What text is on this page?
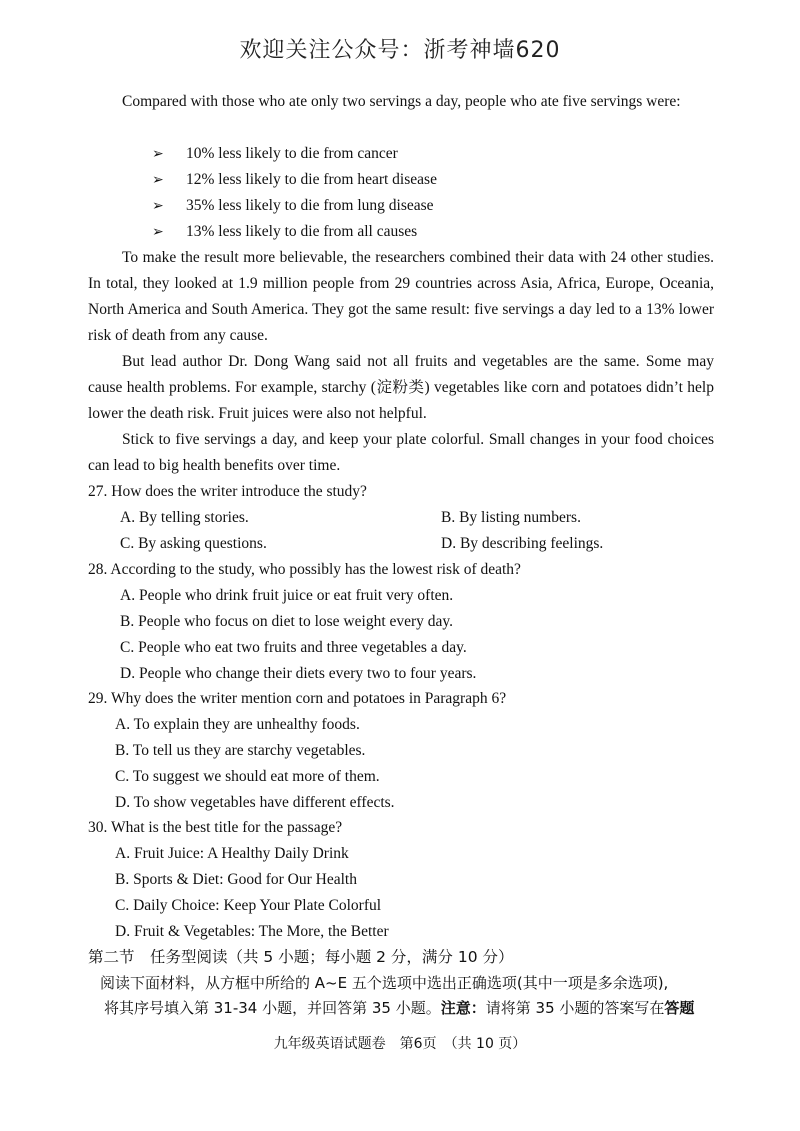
欢迎关注公众号：浙考神墙620
Compared with those who ate only two servings a day, people who ate five servings were:
➢ 10% less likely to die from cancer
➢ 12% less likely to die from heart disease
➢ 35% less likely to die from lung disease
➢ 13% less likely to die from all causes
To make the result more believable, the researchers combined their data with 24 other studies. In total, they looked at 1.9 million people from 29 countries across Asia, Africa, Europe, Oceania, North America and South America. They got the same result: five servings a day led to a 13% lower risk of death from any cause.
But lead author Dr. Dong Wang said not all fruits and vegetables are the same. Some may cause health problems. For example, starchy (淀粉类) vegetables like corn and potatoes didn’t help lower the death risk. Fruit juices were also not helpful.
Stick to five servings a day, and keep your plate colorful. Small changes in your food choices can lead to big health benefits over time.
27. How does the writer introduce the study?
A. By telling stories.	B. By listing numbers.
C. By asking questions.	D. By describing feelings.
28. According to the study, who possibly has the lowest risk of death?
A. People who drink fruit juice or eat fruit very often.
B. People who focus on diet to lose weight every day.
C. People who eat two fruits and three vegetables a day.
D. People who change their diets every two to four years.
29. Why does the writer mention corn and potatoes in Paragraph 6?
A. To explain they are unhealthy foods.
B. To tell us they are starchy vegetables.
C. To suggest we should eat more of them.
D. To show vegetables have different effects.
30. What is the best title for the passage?
A. Fruit Juice: A Healthy Daily Drink
B. Sports & Diet: Good for Our Health
C. Daily Choice: Keep Your Plate Colorful
D. Fruit & Vegetables: The More, the Better
第二节　任务型阅读（共 5 小题；每小题 2 分，满分 10 分）
阅读下面材料，从方框中所给的 A~E 五个选项中选出正确选项(其中一项是多余选项),
将其序号填入第 31-34 小题，并回答第 35 小题。注意：请将第 35 小题的答案写在答题
九年级英语试题卷　第6页　（共 10 页）
